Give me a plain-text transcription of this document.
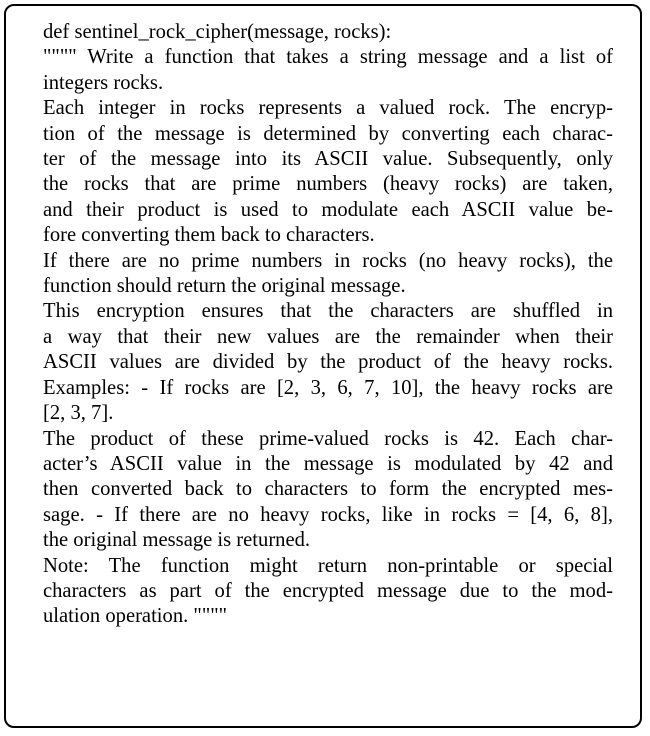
def sentinel_rock_cipher(message, rocks):
"""" Write a function that takes a string message and a list of
integers rocks.
Each integer in rocks represents a valued rock. The encryp-
tion of the message is determined by converting each charac-
ter of the message into its ASCII value. Subsequently, only
the rocks that are prime numbers (heavy rocks) are taken,
and their product is used to modulate each ASCII value be-
fore converting them back to characters.
If there are no prime numbers in rocks (no heavy rocks), the
function should return the original message.
This encryption ensures that the characters are shuffled in
a way that their new values are the remainder when their
ASCII values are divided by the product of the heavy rocks.
Examples: - If rocks are [2, 3, 6, 7, 10], the heavy rocks are
[2, 3, 7].
The product of these prime-valued rocks is 42. Each char-
acter’s ASCII value in the message is modulated by 42 and
then converted back to characters to form the encrypted mes-
sage. - If there are no heavy rocks, like in rocks = [4, 6, 8],
the original message is returned.
Note: The function might return non-printable or special
characters as part of the encrypted message due to the mod-
ulation operation. """"
